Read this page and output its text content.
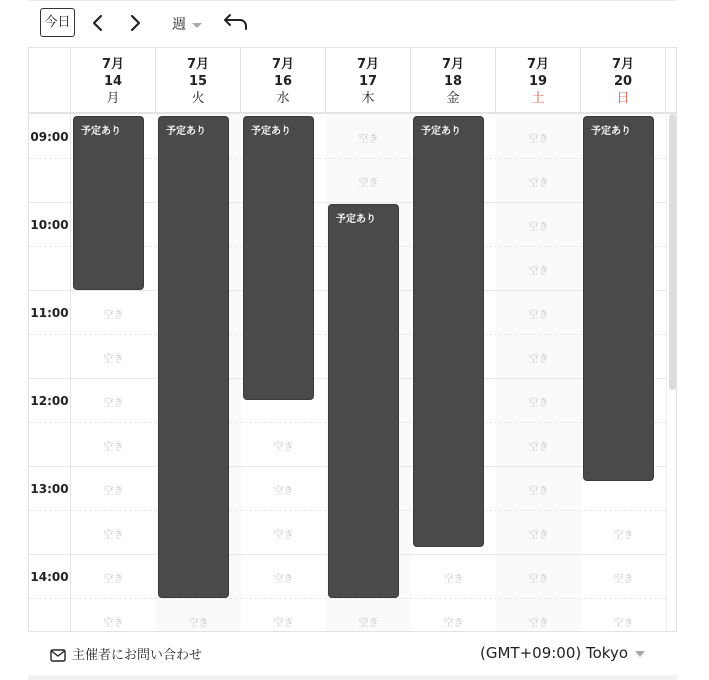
今日	週
7月
14
月
7月
15
火
7月
16
水
7月
17
木
7月
18
金
7月
19
土
7月
20
日
09:00
10:00
11:00
12:00
13:00
14:00
空き
空き
空き
空き
空き
空き
空き
空き
予定あり
空き
予定あり
空き
空き
空き
空き
空き
予定あり
空き
空き
空き
予定あり
空き
空き
予定あり
空き
空き
空き
空き
空き
空き
空き
空き
空き
空き
空き
空き
空き
空き
空き
予定あり
主催者にお問い合わせ	(GMT+09:00) Tokyo
